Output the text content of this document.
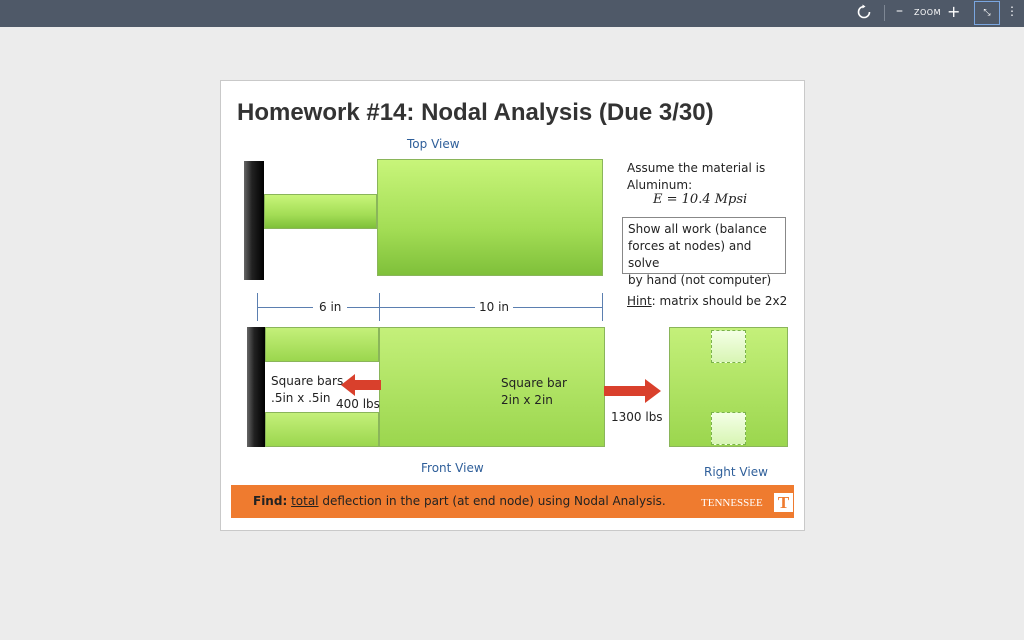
– ZOOM +	⤡	⋮
Homework #14: Nodal Analysis (Due 3/30)
Top View
Assume the material is
Aluminum:
E = 10.4 Mpsi
Show all work (balance
forces at nodes) and solve
by hand (not computer)
Hint: matrix should be 2x2
6 in	10 in
Square bars
.5in x .5in 400 lbs
Square bar
2in x 2in
1300 lbs
Front View	Right View
Find: total deflection in the part (at end node) using Nodal Analysis.	TENNESSEE T
